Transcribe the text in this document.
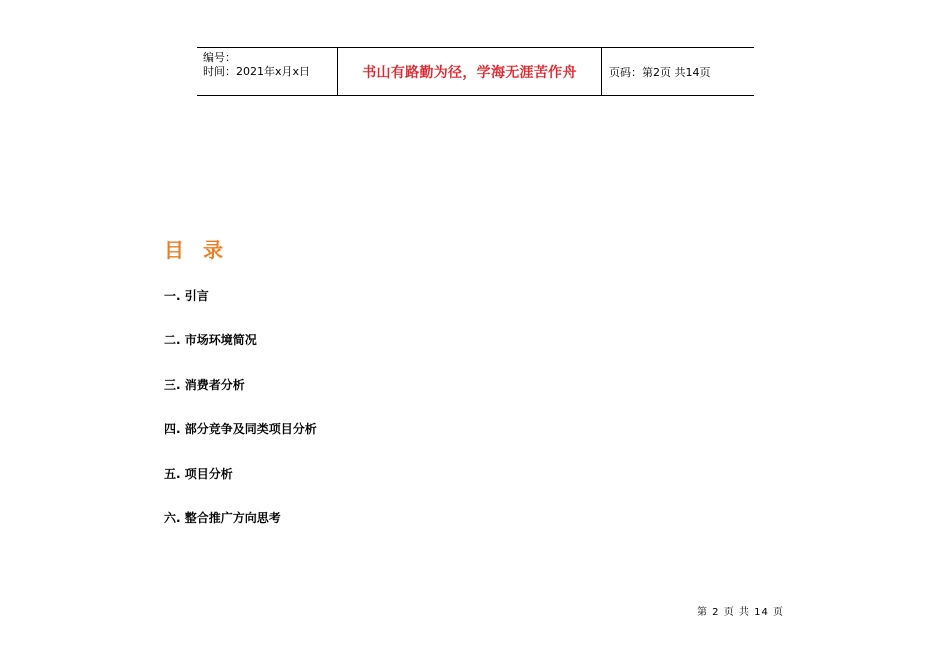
编号：
时间：2021年x月x日	书山有路勤为径，学海无涯苦作舟	页码：第2页 共14页
目 录
一. 引言
二. 市场环境简况
三. 消费者分析
四. 部分竞争及同类项目分析
五. 项目分析
六. 整合推广方向思考
第 2 页 共 14 页
